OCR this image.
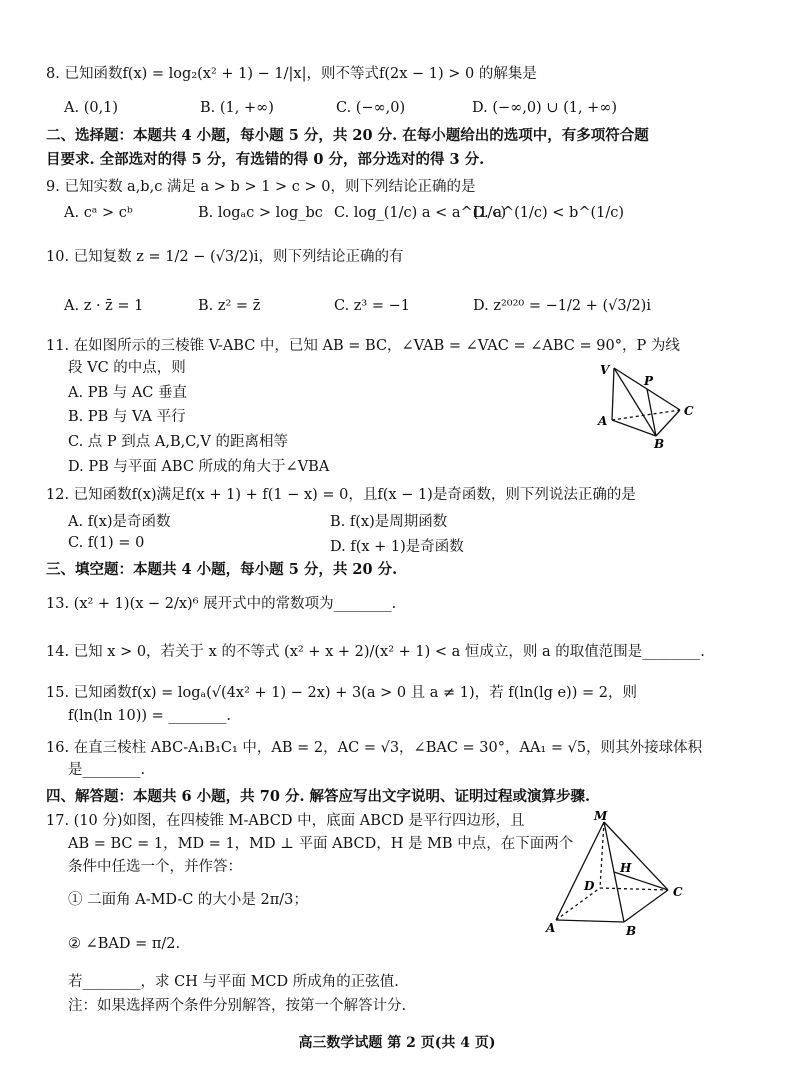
8. 已知函数f(x) = log₂(x² + 1) − 1/|x|，则不等式f(2x − 1) > 0 的解集是
A. (0,1)	B. (1, +∞)	C. (−∞,0)	D. (−∞,0) ∪ (1, +∞)
二、选择题：本题共 4 小题，每小题 5 分，共 20 分. 在每小题给出的选项中，有多项符合题
目要求. 全部选对的得 5 分，有选错的得 0 分，部分选对的得 3 分.
9. 已知实数 a,b,c 满足 a > b > 1 > c > 0，则下列结论正确的是
A. cᵃ > cᵇ	B. logₐc > log_bc C. log_(1/c) a < a^(1/c)
D. a^(1/c) < b^(1/c)
10. 已知复数 z = 1/2 − (√3/2)i，则下列结论正确的有
A. z · z̄ = 1	B. z² = z̄	C. z³ = −1	D. z²⁰²⁰ = −1/2 + (√3/2)i
11. 在如图所示的三棱锥 V-ABC 中，已知 AB = BC，∠VAB = ∠VAC = ∠ABC = 90°，P 为线
段 VC 的中点，则
A. PB 与 AC 垂直
B. PB 与 VA 平行
C. 点 P 到点 A,B,C,V 的距离相等
D. PB 与平面 ABC 所成的角大于∠VBA
V
P
A
B
C
12. 已知函数f(x)满足f(x + 1) + f(1 − x) = 0，且f(x − 1)是奇函数，则下列说法正确的是
A. f(x)是奇函数	B. f(x)是周期函数
C. f(1) = 0	D. f(x + 1)是奇函数
三、填空题：本题共 4 小题，每小题 5 分，共 20 分.
13. (x² + 1)(x − 2/x)⁶ 展开式中的常数项为________.
14. 已知 x > 0，若关于 x 的不等式 (x² + x + 2)/(x² + 1) < a 恒成立，则 a 的取值范围是________.
15. 已知函数f(x) = logₐ(√(4x² + 1) − 2x) + 3(a > 0 且 a ≠ 1)，若 f(ln(lg e)) = 2，则
f(ln(ln 10)) = ________.
16. 在直三棱柱 ABC-A₁B₁C₁ 中，AB = 2，AC = √3，∠BAC = 30°，AA₁ = √5，则其外接球体积
是________.
四、解答题：本题共 6 小题，共 70 分. 解答应写出文字说明、证明过程或演算步骤.
17. (10 分)如图，在四棱锥 M-ABCD 中，底面 ABCD 是平行四边形，且
AB = BC = 1，MD = 1，MD ⊥ 平面 ABCD，H 是 MB 中点，在下面两个
条件中任选一个，并作答：
① 二面角 A-MD-C 的大小是 2π/3；
② ∠BAD = π/2.
若________，求 CH 与平面 MCD 所成角的正弦值.
注：如果选择两个条件分别解答，按第一个解答计分.
M
H
D	C
A	B
高三数学试题 第 2 页(共 4 页)
